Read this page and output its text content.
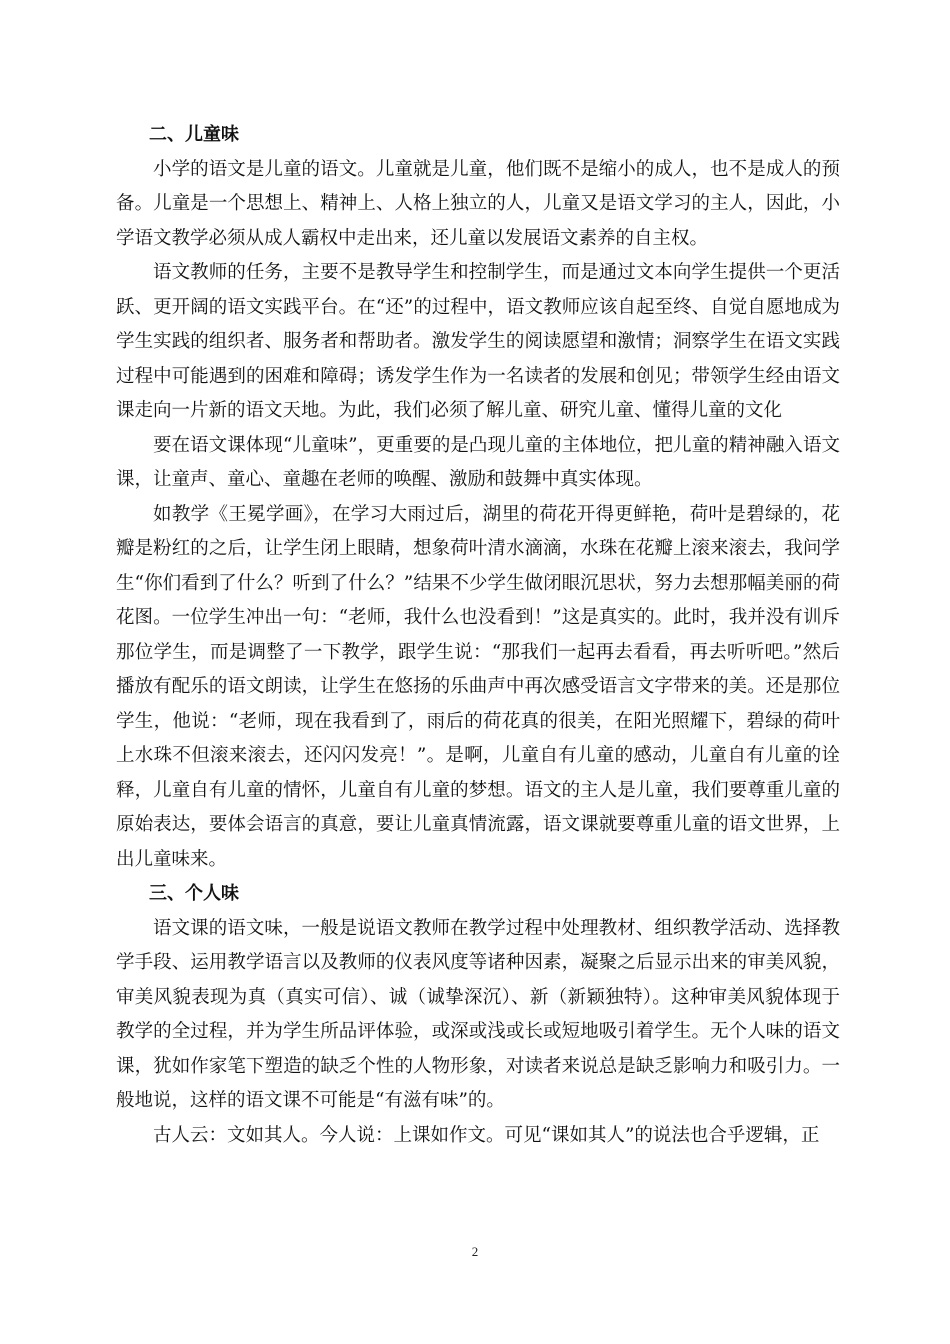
二、儿童味

小学的语文是儿童的语文。儿童就是儿童，他们既不是缩小的成人，也不是成人的预备。儿童是一个思想上、精神上、人格上独立的人，儿童又是语文学习的主人，因此，小学语文教学必须从成人霸权中走出来，还儿童以发展语文素养的自主权。

语文教师的任务，主要不是教导学生和控制学生，而是通过文本向学生提供一个更活跃、更开阔的语文实践平台。在“还”的过程中，语文教师应该自起至终、自觉自愿地成为学生实践的组织者、服务者和帮助者。激发学生的阅读愿望和激情；洞察学生在语文实践过程中可能遇到的困难和障碍；诱发学生作为一名读者的发展和创见；带领学生经由语文课走向一片新的语文天地。为此，我们必须了解儿童、研究儿童、懂得儿童的文化

要在语文课体现“儿童味”，更重要的是凸现儿童的主体地位，把儿童的精神融入语文课，让童声、童心、童趣在老师的唤醒、激励和鼓舞中真实体现。

如教学《王冕学画》，在学习大雨过后，湖里的荷花开得更鲜艳，荷叶是碧绿的，花瓣是粉红的之后，让学生闭上眼睛，想象荷叶清水滴滴，水珠在花瓣上滚来滚去，我问学生“你们看到了什么？听到了什么？”结果不少学生做闭眼沉思状，努力去想那幅美丽的荷花图。一位学生冲出一句：“老师，我什么也没看到！”这是真实的。此时，我并没有训斥那位学生，而是调整了一下教学，跟学生说：“那我们一起再去看看，再去听听吧。”然后播放有配乐的语文朗读，让学生在悠扬的乐曲声中再次感受语言文字带来的美。还是那位学生，他说：“老师，现在我看到了，雨后的荷花真的很美，在阳光照耀下，碧绿的荷叶上水珠不但滚来滚去，还闪闪发亮！”。是啊，儿童自有儿童的感动，儿童自有儿童的诠释，儿童自有儿童的情怀，儿童自有儿童的梦想。语文的主人是儿童，我们要尊重儿童的原始表达，要体会语言的真意，要让儿童真情流露，语文课就要尊重儿童的语文世界，上出儿童味来。

三、个人味

语文课的语文味，一般是说语文教师在教学过程中处理教材、组织教学活动、选择教学手段、运用教学语言以及教师的仪表风度等诸种因素，凝聚之后显示出来的审美风貌，审美风貌表现为真（真实可信）、诚（诚挚深沉）、新（新颖独特）。这种审美风貌体现于教学的全过程，并为学生所品评体验，或深或浅或长或短地吸引着学生。无个人味的语文课，犹如作家笔下塑造的缺乏个性的人物形象，对读者来说总是缺乏影响力和吸引力。一般地说，这样的语文课不可能是“有滋有味”的。

古人云：文如其人。今人说：上课如作文。可见“课如其人”的说法也合乎逻辑，正

2
